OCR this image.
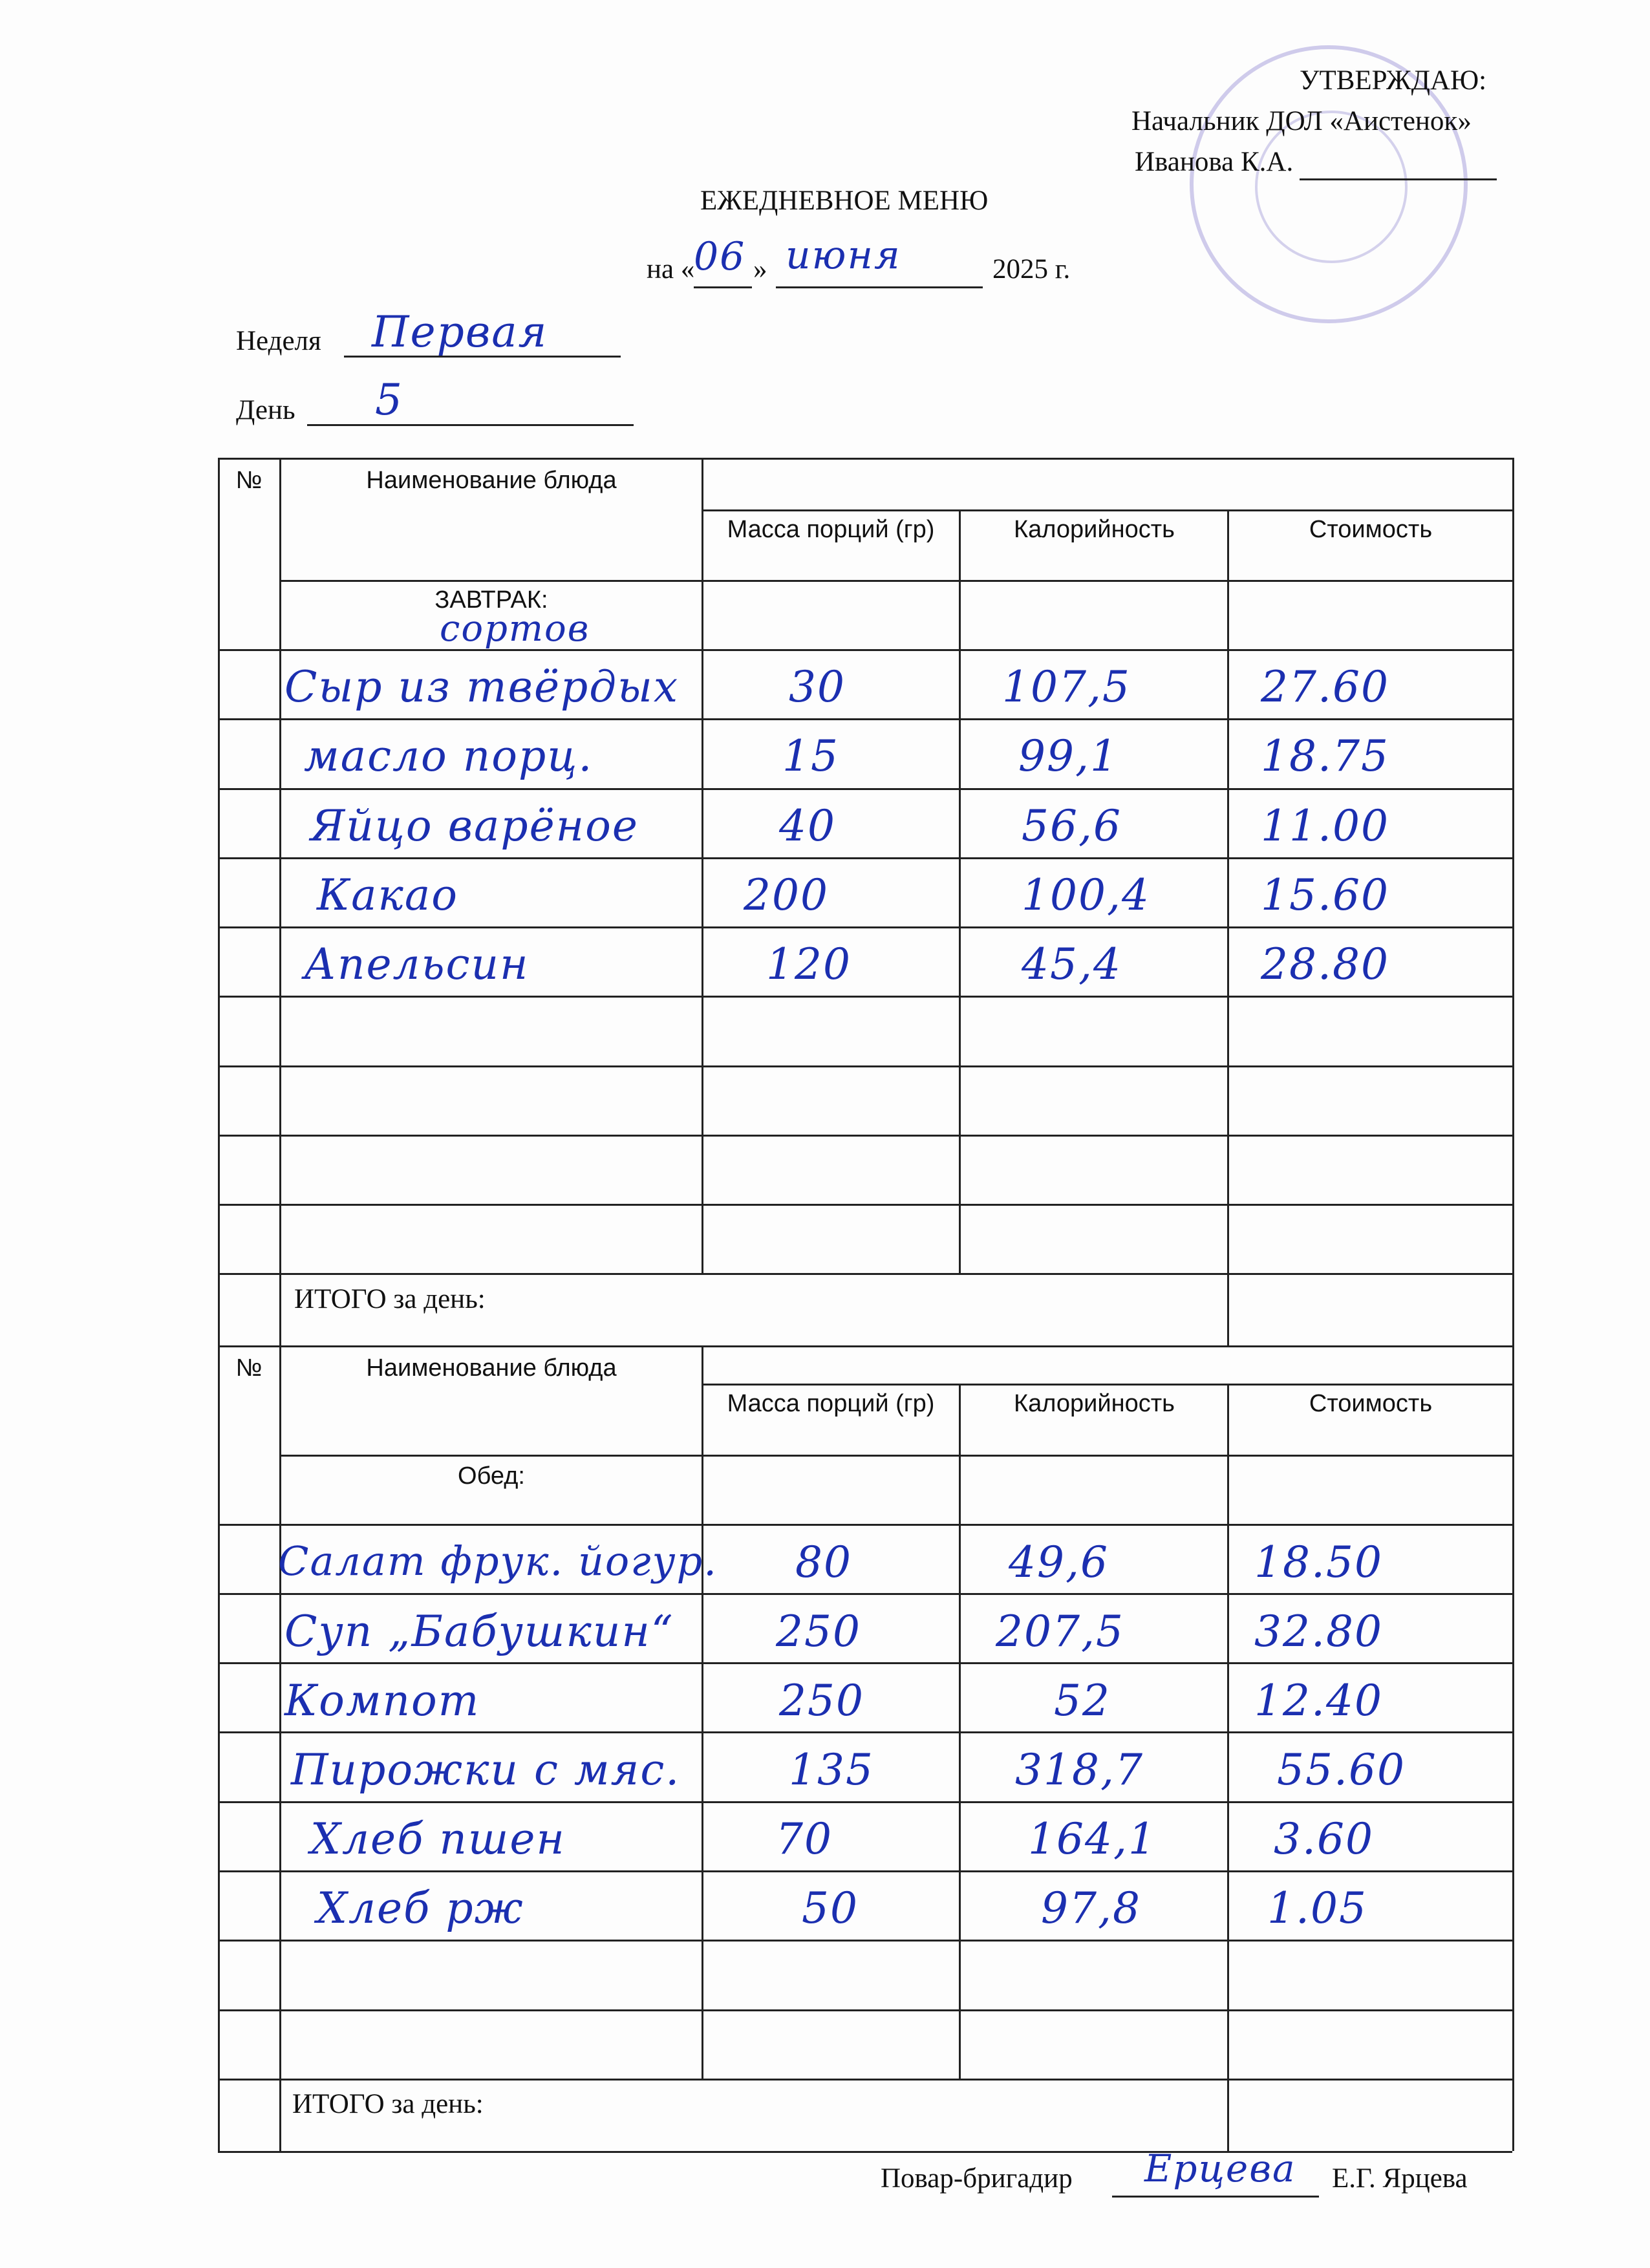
УТВЕРЖДАЮ:
Начальник ДОЛ «Аистенок»
Иванова К.А.
ЕЖЕДНЕВНОЕ МЕНЮ
на «
06 » июня	2025 г.
Неделя Первая
День 5
№	Наименование блюда
Масса порций (гр)	Калорийность	Стоимость
ЗАВТРАК:
сортов
Сыр из твёрдых	30	107,5	27.60
масло порц.	15	99,1	18.75
Яйцо варёное	40	56,6	11.00
Какао	200	100,4	15.60
Апельсин	120	45,4	28.80
ИТОГО за день:
№	Наименование блюда
Масса порций (гр)	Калорийность	Стоимость
Обед:
Салат фрук. йогур. 80	49,6	18.50
Суп „Бабушкин“ 250	207,5	32.80
Компот	250	52	12.40
Пирожки с мяс.	135	318,7	55.60
Хлеб пшен	70	164,1	3.60
Хлеб рж	50	97,8	1.05
ИТОГО за день:
Повар-бригадир Ерцева Е.Г. Ярцева
